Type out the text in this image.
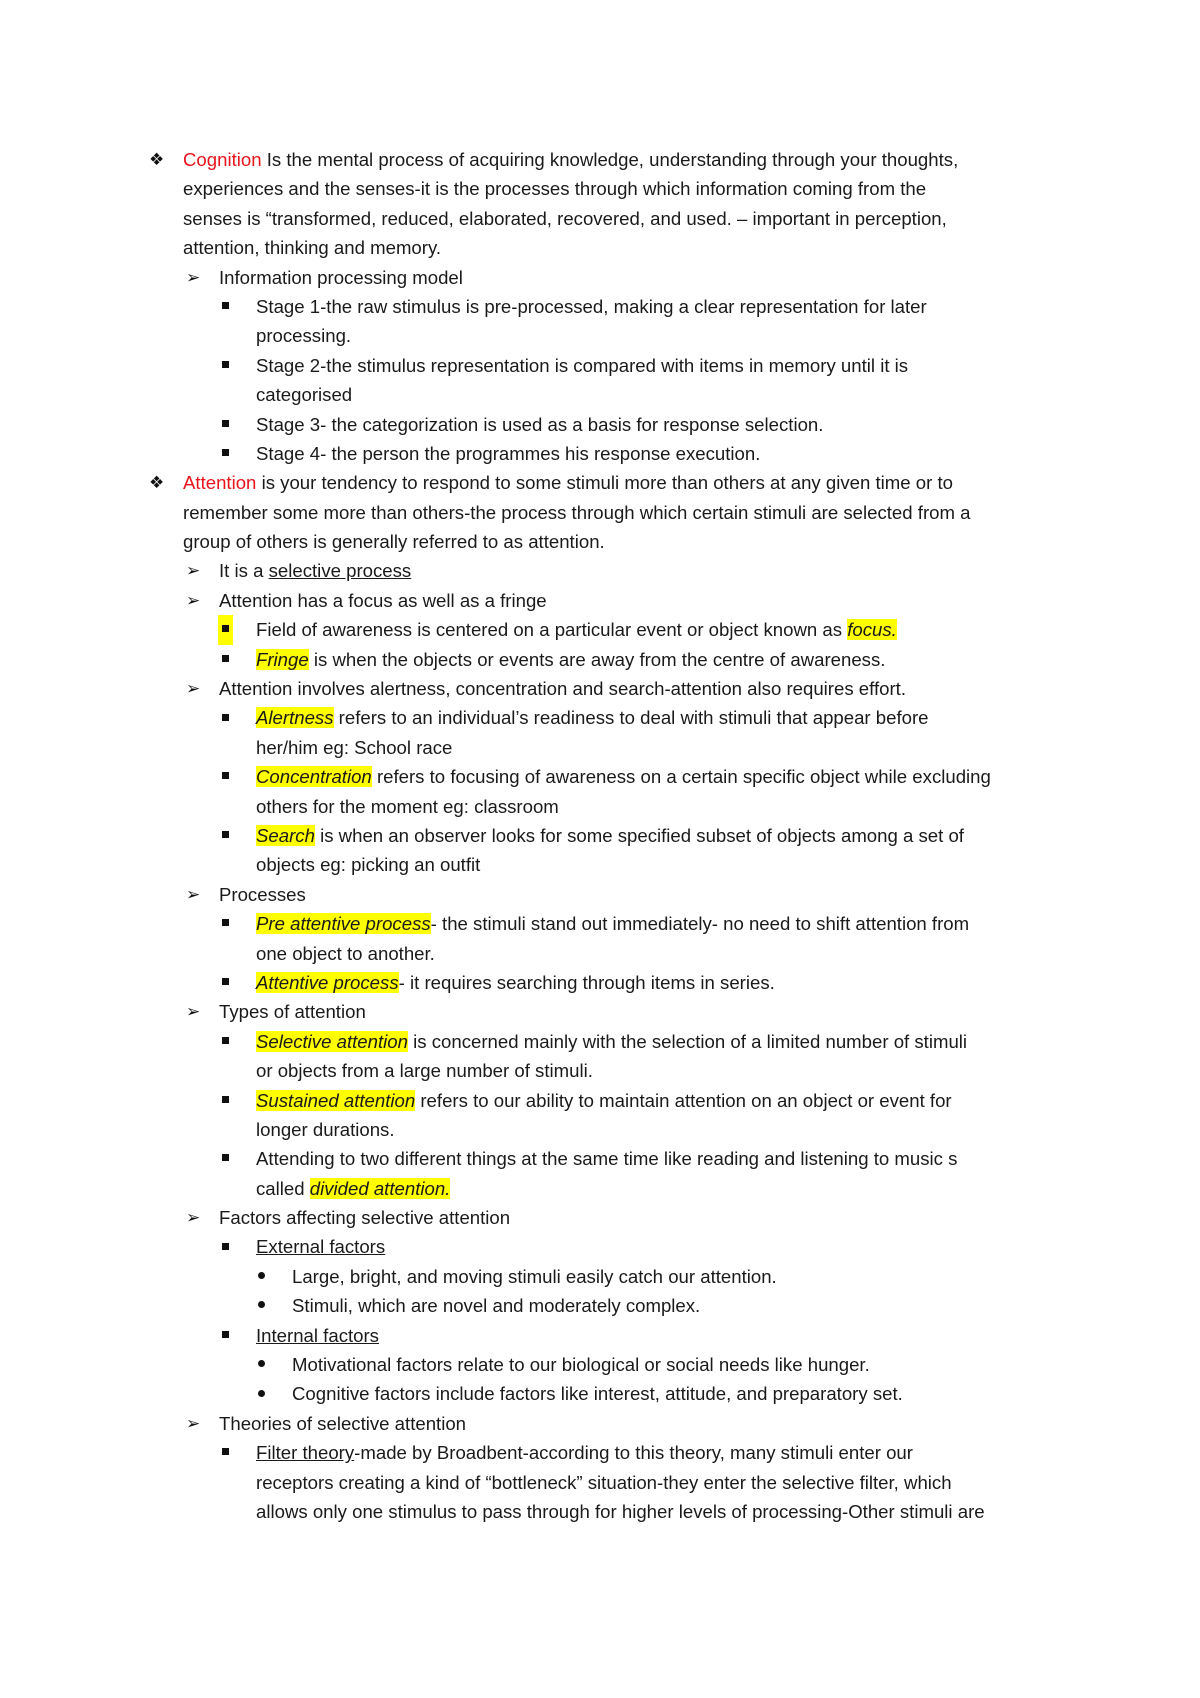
❖ Cognition Is the mental process of acquiring knowledge, understanding through your thoughts,
experiences and the senses-it is the processes through which information coming from the
senses is “transformed, reduced, elaborated, recovered, and used. – important in perception,
attention, thinking and memory.
➢ Information processing model
Stage 1-the raw stimulus is pre-processed, making a clear representation for later
processing.
Stage 2-the stimulus representation is compared with items in memory until it is
categorised
Stage 3- the categorization is used as a basis for response selection.
Stage 4- the person the programmes his response execution.
❖ Attention is your tendency to respond to some stimuli more than others at any given time or to
remember some more than others-the process through which certain stimuli are selected from a
group of others is generally referred to as attention.
➢ It is a selective process
➢ Attention has a focus as well as a fringe
Field of awareness is centered on a particular event or object known as focus.
Fringe is when the objects or events are away from the centre of awareness.
➢ Attention involves alertness, concentration and search-attention also requires effort.
Alertness refers to an individual’s readiness to deal with stimuli that appear before
her/him eg: School race
Concentration refers to focusing of awareness on a certain specific object while excluding
others for the moment eg: classroom
Search is when an observer looks for some specified subset of objects among a set of
objects eg: picking an outfit
➢ Processes
Pre attentive process- the stimuli stand out immediately- no need to shift attention from
one object to another.
Attentive process- it requires searching through items in series.
➢ Types of attention
Selective attention is concerned mainly with the selection of a limited number of stimuli
or objects from a large number of stimuli.
Sustained attention refers to our ability to maintain attention on an object or event for
longer durations.
Attending to two different things at the same time like reading and listening to music s
called divided attention.
➢ Factors affecting selective attention
External factors
Large, bright, and moving stimuli easily catch our attention.
Stimuli, which are novel and moderately complex.
Internal factors
Motivational factors relate to our biological or social needs like hunger.
Cognitive factors include factors like interest, attitude, and preparatory set.
➢ Theories of selective attention
Filter theory-made by Broadbent-according to this theory, many stimuli enter our
receptors creating a kind of “bottleneck” situation-they enter the selective filter, which
allows only one stimulus to pass through for higher levels of processing-Other stimuli are
